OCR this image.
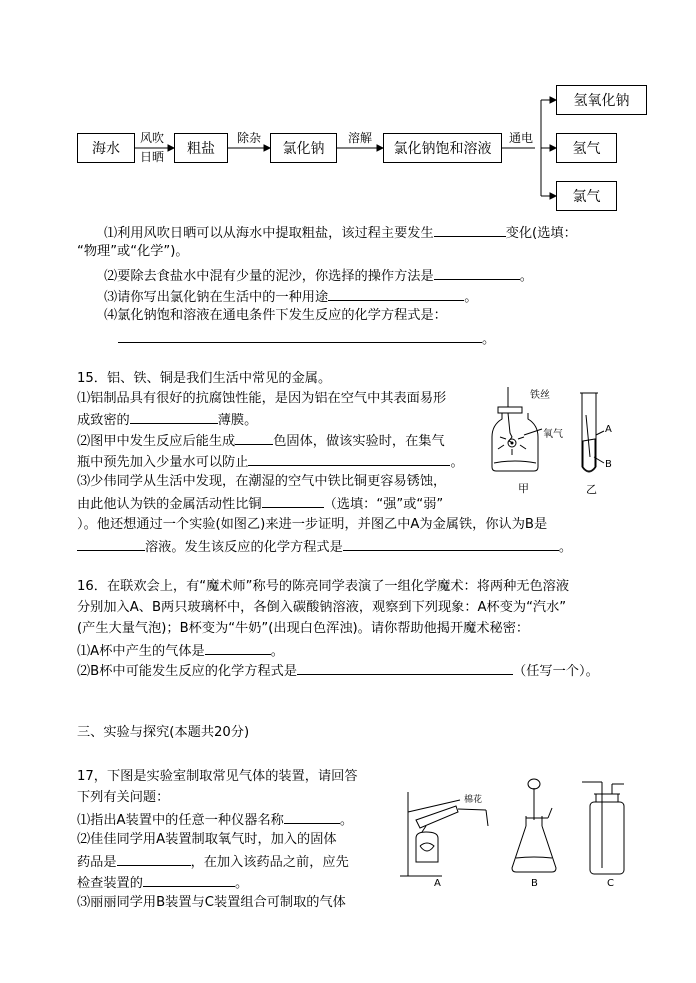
海水
风吹
日晒 粗盐
除杂
氯化钠
溶解
氯化钠饱和溶液
通电
氢氧化钠
氢气
氯气
⑴利用风吹日晒可以从海水中提取粗盐，该过程主要发生	变化(选填：
“物理”或“化学”)。
⑵要除去食盐水中混有少量的泥沙，你选择的操作方法是	。
⑶请你写出氯化钠在生活中的一种用途	。
⑷氯化钠饱和溶液在通电条件下发生反应的化学方程式是：
。
15．铝、铁、铜是我们生活中常见的金属。
⑴铝制品具有很好的抗腐蚀性能，是因为铝在空气中其表面易形
成致密的	薄膜。
⑵图甲中发生反应后能生成	色固体，做该实验时，在集气
瓶中预先加入少量水可以防止	。
⑶少伟同学从生活中发现，在潮湿的空气中铁比铜更容易锈蚀，
由此他认为铁的金属活动性比铜	（选填：“强”或“弱”
）。他还想通过一个实验(如图乙)来进一步证明，并图乙中A为金属铁，你认为B是
溶液。发生该反应的化学方程式是	。
铁丝
氧气	A
B
甲	乙
16．在联欢会上，有“魔术师”称号的陈亮同学表演了一组化学魔术：将两种无色溶液
分别加入A、B两只玻璃杯中，各倒入碳酸钠溶液，观察到下列现象：A杯变为“汽水”
(产生大量气泡)；B杯变为“牛奶”(出现白色浑浊)。请你帮助他揭开魔术秘密：
⑴A杯中产生的气体是	。
⑵B杯中可能发生反应的化学方程式是	（任写一个）。
三、实验与探究(本题共20分)
17，下图是实验室制取常见气体的装置，请回答
下列有关问题：
⑴指出A装置中的任意一种仪器名称	。
⑵佳佳同学用A装置制取氧气时，加入的固体
药品是	，在加入该药品之前，应先
检查装置的	。
⑶丽丽同学用B装置与C装置组合可制取的气体
棉花
A	B	C
